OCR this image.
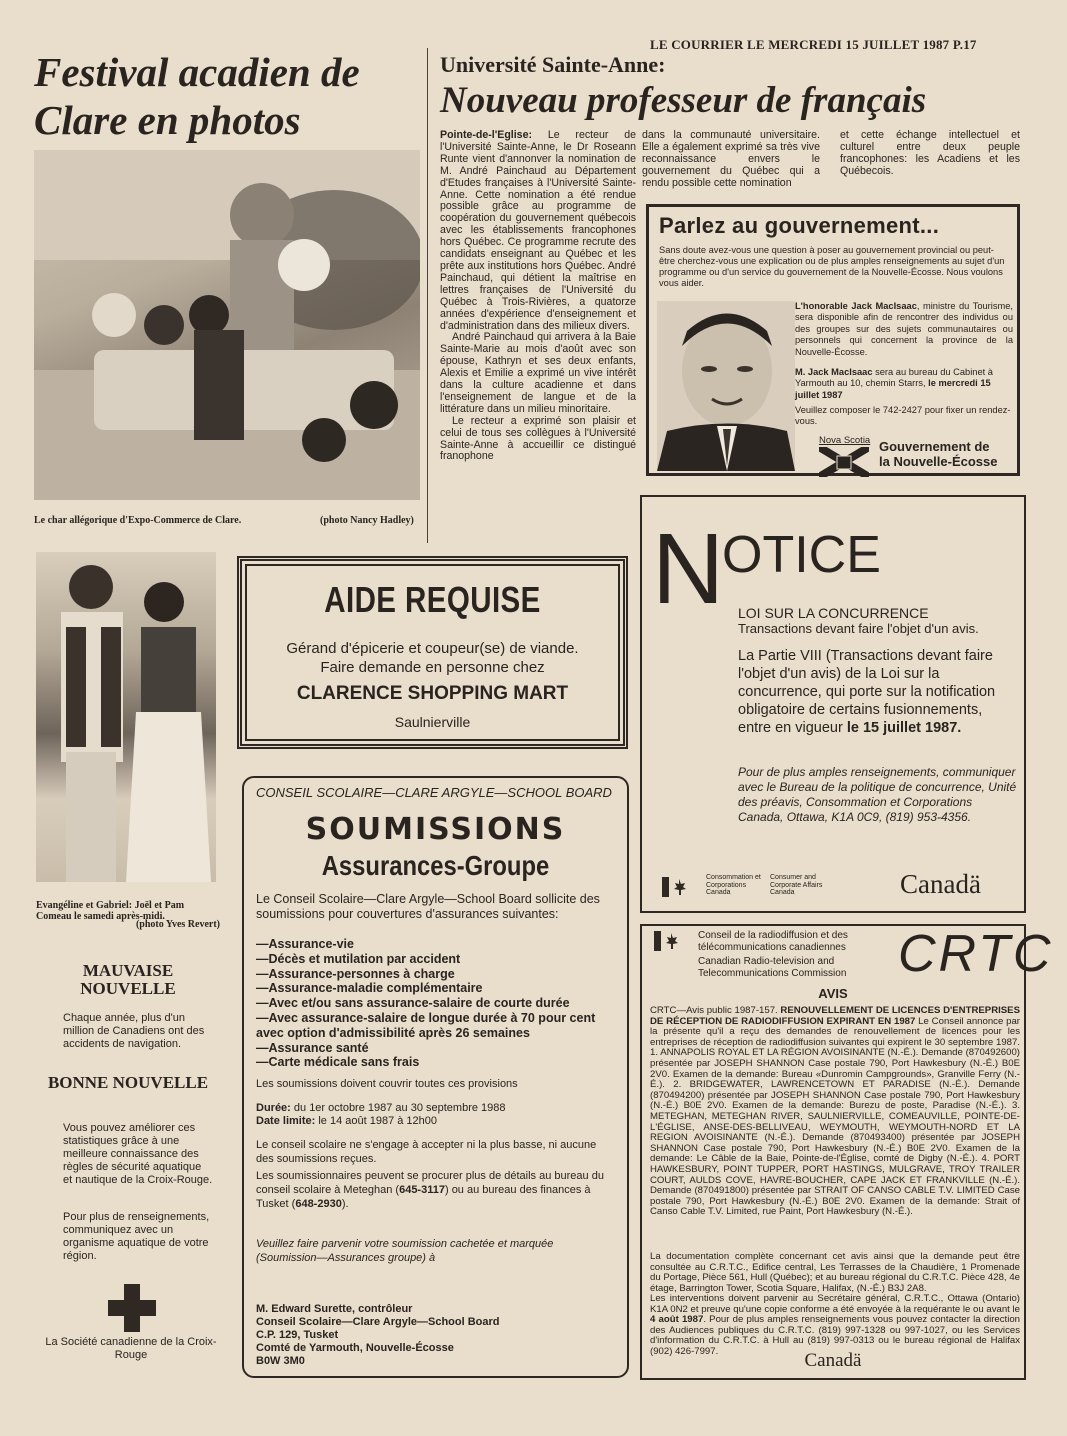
LE COURRIER LE MERCREDI 15 JUILLET 1987 P.17
Festival acadien de Clare en photos
Le char allégorique d'Expo-Commerce de Clare.	(photo Nancy Hadley)
Evangéline et Gabriel: Joël et Pam Comeau le samedi après-midi.
(photo Yves Revert)
Université Sainte-Anne:
Nouveau professeur de français

Pointe-de-l'Eglise: Le recteur de l'Université Sainte-Anne, le Dr Roseann Runte vient d'annonver la nomination de M. André Painchaud au Département d'Etudes françaises à l'Université Sainte-Anne. Cette nomination a été rendue possible grâce au programme de coopération du gouvernement québecois avec les établissements francophones hors Québec. Ce programme recrute des candidats enseignant au Québec et les prête aux institutions hors Québec. André Painchaud, qui détient la maîtrise en lettres françaises de l'Université du Québec à Trois-Rivières, a quatorze années d'expérience d'enseignement et d'administration dans des milieux divers.

André Painchaud qui arrivera à la Baie Sainte-Marie au mois d'août avec son épouse, Kathryn et ses deux enfants, Alexis et Emilie a exprimé un vive intérêt dans la culture acadienne et dans l'enseignement de langue et de la littérature dans un milieu minoritaire.

Le recteur a exprimé son plaisir et celui de tous ses collègues à l'Université Sainte-Anne à accueillir ce distingué franophone

dans la communauté universitaire. Elle a également exprimé sa très vive reconnaissance envers le gouvernement du Québec qui a rendu possible cette nomination

et cette échange intellectuel et culturel entre deux peuple francophones: les Acadiens et les Québecois.

Parlez au gouvernement...
Sans doute avez-vous une question à poser au gouvernement provincial ou peut-être cherchez-vous une explication ou de plus amples renseignements au sujet d'un programme ou d'un service du gouvernement de la Nouvelle-Écosse. Nous voulons vous aider.
L'honorable Jack MacIsaac, ministre du Tourisme, sera disponible afin de rencontrer des individus ou des groupes sur des sujets communautaires ou personnels qui concernent la province de la Nouvelle-Écosse.
M. Jack MacIsaac sera au bureau du Cabinet à Yarmouth au 10, chemin Starrs, le mercredi 15 juillet 1987
Veuillez composer le 742-2427 pour fixer un rendez-vous.
Nova Scotia Gouvernement de
la Nouvelle-Écosse
AIDE REQUISE
Gérand d'épicerie et coupeur(se) de viande.
Faire demande en personne chez
CLARENCE SHOPPING MART
Saulnierville
CONSEIL SCOLAIRE—CLARE ARGYLE—SCHOOL BOARD
SOUMISSIONS
Assurances-Groupe
Le Conseil Scolaire—Clare Argyle—School Board sollicite des soumissions pour couvertures d'assurances suivantes:
—Assurance-vie
—Décès et mutilation par accident
—Assurance-personnes à charge
—Assurance-maladie complémentaire
—Avec et/ou sans assurance-salaire de courte durée
—Avec assurance-salaire de longue durée à 70 pour cent avec option d'admissibilité après 26 semaines
—Assurance santé
—Carte médicale sans frais
Les soumissions doivent couvrir toutes ces provisions
Durée: du 1er octobre 1987 au 30 septembre 1988
Date limite: le 14 août 1987 à 12h00
Le conseil scolaire ne s'engage à accepter ni la plus basse, ni aucune des soumissions reçues.
Les soumissionnaires peuvent se procurer plus de détails au bureau du conseil scolaire à Meteghan (645-3117) ou au bureau des finances à Tusket (648-2930).
Veuillez faire parvenir votre soumission cachetée et marquée (Soumission—Assurances groupe) à
M. Edward Surette, contrôleur
Conseil Scolaire—Clare Argyle—School Board
C.P. 129, Tusket
Comté de Yarmouth, Nouvelle-Écosse
B0W 3M0
MAUVAISE NOUVELLE
Chaque année, plus d'un million de Canadiens ont des accidents de navigation.
BONNE NOUVELLE
Vous pouvez améliorer ces statistiques grâce à une meilleure connaissance des règles de sécurité aquatique et nautique de la Croix-Rouge.
Pour plus de renseignements, communiquez avec un organisme aquatique de votre région.
La Société canadienne de la Croix-Rouge
N
OTICE
LOI SUR LA CONCURRENCE
Transactions devant faire l'objet d'un avis.
La Partie VIII (Transactions devant faire l'objet d'un avis) de la Loi sur la concurrence, qui porte sur la notification obligatoire de certains fusionnements, entre en vigueur le 15 juillet 1987.
Pour de plus amples renseignements, communiquer avec le Bureau de la politique de concurrence, Unité des préavis, Consommation et Corporations Canada, Ottawa, K1A 0C9, (819) 953-4356.
Consommation et Corporations Canada
Consumer and Corporate Affairs Canada	Canadä
Conseil de la radiodiffusion et des télécommunications canadiennes
Canadian Radio-television and Telecommunications Commission CRTC
AVIS
CRTC—Avis public 1987-157. RENOUVELLEMENT DE LICENCES D'ENTREPRISES DE RÉCEPTION DE RADIODIFFUSION EXPIRANT EN 1987 Le Conseil annonce par la présente qu'il a reçu des demandes de renouvellement de licences pour les entreprises de réception de radiodiffusion suivantes qui expirent le 30 septembre 1987. 1. ANNAPOLIS ROYAL ET LA RÉGION AVOISINANTE (N.-É.). Demande (870492600) présentée par JOSEPH SHANNON Case postale 790, Port Hawkesbury (N.-É.) B0E 2V0. Examen de la demande: Bureau «Dunromin Campgrounds», Granville Ferry (N.-É.). 2. BRIDGEWATER, LAWRENCETOWN ET PARADISE (N.-É.). Demande (870494200) présentée par JOSEPH SHANNON Case postale 790, Port Hawkesbury (N.-É.) B0E 2V0. Examen de la demande: Burezu de poste, Paradise (N.-É.). 3. METEGHAN, METEGHAN RIVER, SAULNIERVILLE, COMEAUVILLE, POINTE-DE-L'ÉGLISE, ANSE-DES-BELLIVEAU, WEYMOUTH, WEYMOUTH-NORD ET LA REGION AVOISINANTE (N.-É.). Demande (870493400) présentée par JOSEPH SHANNON Case postale 790, Port Hawkesbury (N.-É.) B0E 2V0. Examen de la demande: Le Câble de la Baie, Pointe-de-l'Église, comté de Digby (N.-É.). 4. PORT HAWKESBURY, POINT TUPPER, PORT HASTINGS, MULGRAVE, TROY TRAILER COURT, AULDS COVE, HAVRE-BOUCHER, CAPE JACK ET FRANKVILLE (N.-É.). Demande (870491800) présentée par STRAIT OF CANSO CABLE T.V. LIMITED Case postale 790, Port Hawkesbury (N.-É.) B0E 2V0. Examen de la demande: Strait of Canso Cable T.V. Limited, rue Paint, Port Hawkesbury (N.-É.).
La documentation complète concernant cet avis ainsi que la demande peut être consultée au C.R.T.C., Edifice central, Les Terrasses de la Chaudière, 1 Promenade du Portage, Pièce 561, Hull (Québec); et au bureau régional du C.R.T.C. Pièce 428, 4e étage, Barrington Tower, Scotia Square, Halifax, (N.-É.) B3J 2A8.
Les interventions doivent parvenir au Secrétaire général, C.R.T.C., Ottawa (Ontario) K1A 0N2 et preuve qu'une copie conforme a été envoyée à la requérante le ou avant le 4 août 1987. Pour de plus amples renseignements vous pouvez contacter la direction des Audiences publiques du C.R.T.C. (819) 997-1328 ou 997-1027, ou les Services d'information du C.R.T.C. à Hull au (819) 997-0313 ou le bureau régional de Halifax (902) 426-7997.	Canadä
